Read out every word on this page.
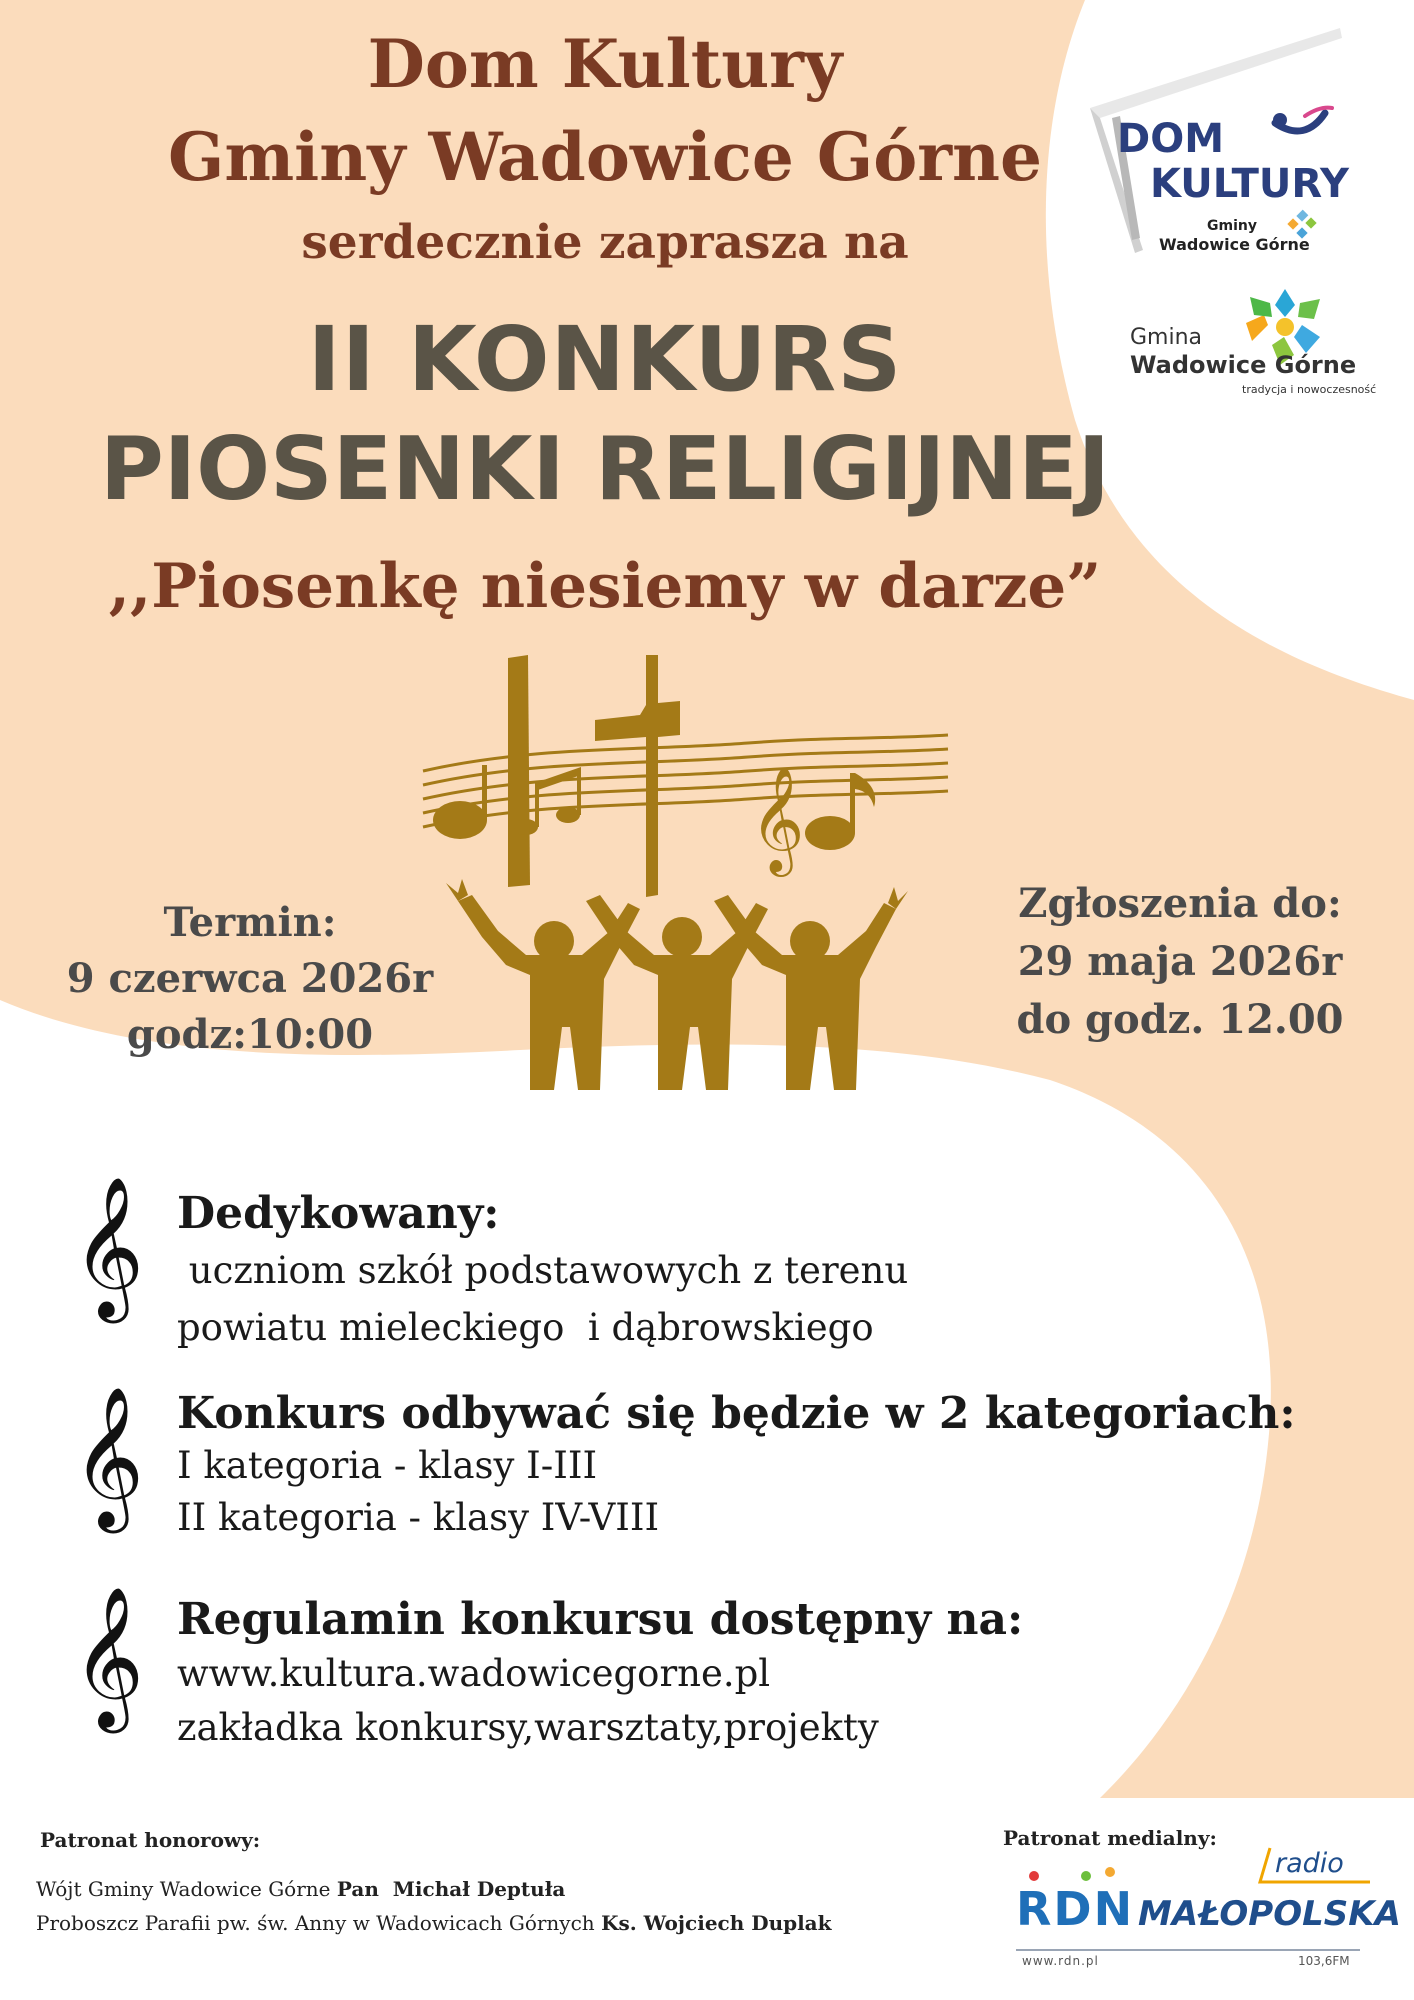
Dom Kultury
Gminy Wadowice Górne
serdecznie zaprasza na
II KONKURS
PIOSENKI RELIGIJNEJ
,,Piosenkę niesiemy w darze”
DOM
KULTURY
Gminy
Wadowice Górne
Gmina
Wadowice Górne
tradycja i nowoczesność
𝄞
Termin:
9 czerwca 2026r
godz:10:00
Zgłoszenia do:
29 maja 2026r
do godz. 12.00
𝄞 Dedykowany:
uczniom szkół podstawowych z terenu
powiatu mieleckiego  i dąbrowskiego
𝄞 Konkurs odbywać się będzie w 2 kategoriach:
I kategoria - klasy I-III
II kategoria - klasy IV-VIII
𝄞 Regulamin konkursu dostępny na:
www.kultura.wadowicegorne.pl
zakładka konkursy,warsztaty,projekty
Patronat honorowy:
Wójt Gminy Wadowice Górne Pan  Michał Deptuła
Proboszcz Parafii pw. św. Anny w Wadowicach Górnych Ks. Wojciech Duplak
Patronat medialny:
radio
RDN MAŁOPOLSKA
www.rdn.pl	103,6FM
